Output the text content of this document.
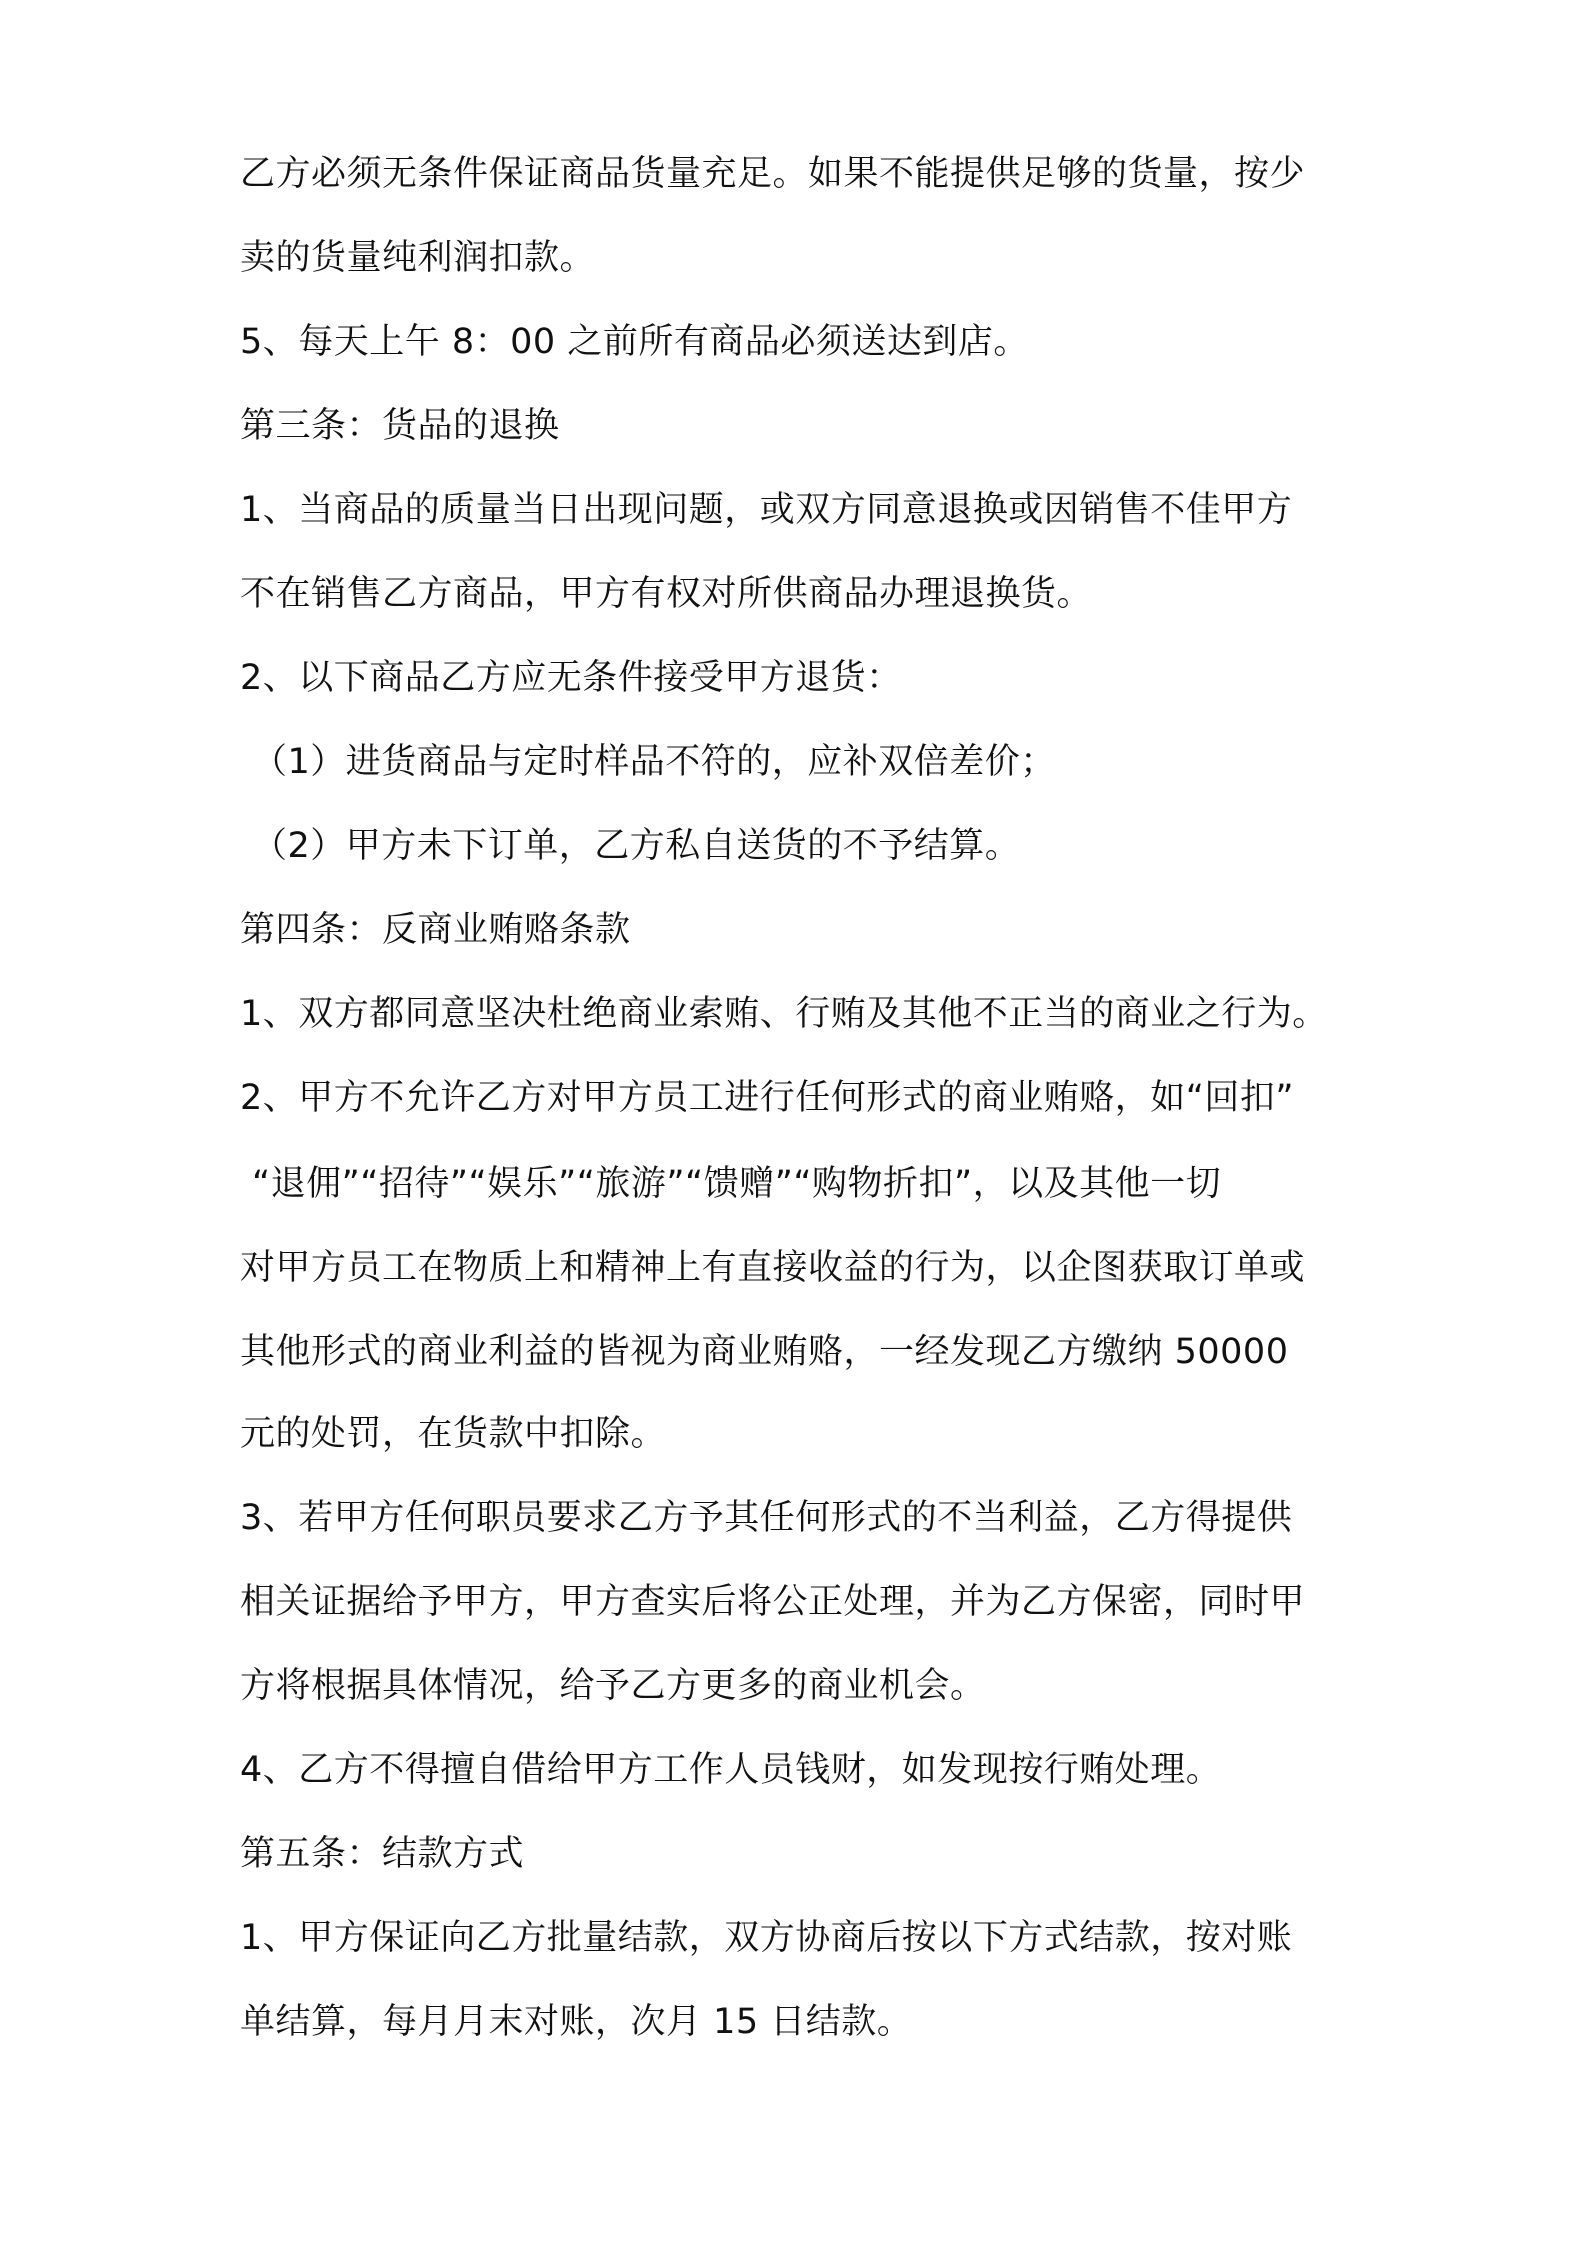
乙方必须无条件保证商品货量充足。如果不能提供足够的货量，按少
卖的货量纯利润扣款。
5、每天上午 8：00 之前所有商品必须送达到店。
第三条：货品的退换
1、当商品的质量当日出现问题，或双方同意退换或因销售不佳甲方
不在销售乙方商品，甲方有权对所供商品办理退换货。
2、以下商品乙方应无条件接受甲方退货：
（1）进货商品与定时样品不符的，应补双倍差价；
（2）甲方未下订单，乙方私自送货的不予结算。
第四条：反商业贿赂条款
1、双方都同意坚决杜绝商业索贿、行贿及其他不正当的商业之行为。
2、甲方不允许乙方对甲方员工进行任何形式的商业贿赂，如“回扣”
“退佣”“招待”“娱乐”“旅游”“馈赠”“购物折扣”，以及其他一切
对甲方员工在物质上和精神上有直接收益的行为，以企图获取订单或
其他形式的商业利益的皆视为商业贿赂，一经发现乙方缴纳 50000
元的处罚，在货款中扣除。
3、若甲方任何职员要求乙方予其任何形式的不当利益，乙方得提供
相关证据给予甲方，甲方查实后将公正处理，并为乙方保密，同时甲
方将根据具体情况，给予乙方更多的商业机会。
4、乙方不得擅自借给甲方工作人员钱财，如发现按行贿处理。
第五条：结款方式
1、甲方保证向乙方批量结款，双方协商后按以下方式结款，按对账
单结算，每月月末对账，次月 15 日结款。
